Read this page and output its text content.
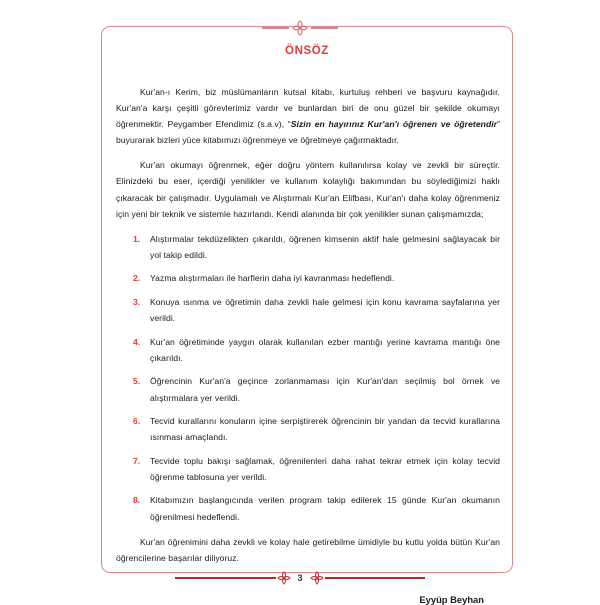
ÖNSÖZ

Kur'an-ı Kerim, biz müslümanların kutsal kitabı, kurtuluş rehberi ve başvuru kaynağıdır. Kur'an'a karşı çeşitli görevlerimiz vardır ve bunlardan biri de onu güzel bir şekilde okumayı öğrenmektir. Peygamber Efendimiz (s.a.v), “Sizin en hayırınız Kur'an'ı öğrenen ve öğretendir” buyurarak bizleri yüce kitabımızı öğrenmeye ve öğretmeye çağırmaktadır.

Kur'an okumayı öğrenmek, eğer doğru yöntem kullanılırsa kolay ve zevkli bir süreçtir. Elinizdeki bu eser, içerdiği yenilikler ve kullanım kolaylığı bakımından bu söylediğimizi haklı çıkaracak bir çalışmadır. Uygulamalı ve Alıştırmalı Kur'an Elifbası, Kur'an'ı daha kolay öğrenmeniz için yeni bir teknik ve sistemle hazırlandı. Kendi alanında bir çok yenilikler sunan çalışmamızda;

1.	Alıştırmalar tekdüzelikten çıkarıldı, öğrenen kimsenin aktif hale gelmesini sağlayacak bir yol takip edildi.
2.	Yazma alıştırmaları ile harflerin daha iyi kavranması hedeflendi.
3.	Konuya ısınma ve öğretimin daha zevkli hale gelmesi için konu kavrama sayfalarına yer verildi.
4.	Kur'an öğretiminde yaygın olarak kullanılan ezber mantığı yerine kavrama mantığı öne çıkarıldı.
5.	Öğrencinin Kur'an'a geçince zorlanmaması için Kur'an'dan seçilmiş bol örnek ve alıştırmalara yer verildi.
6.	Tecvid kurallarını konuların içine serpiştirerek öğrencinin bir yandan da tecvid kurallarına ısınması amaçlandı.
7.	Tecvide toplu bakışı sağlamak, öğrenilenleri daha rahat tekrar etmek için kolay tecvid öğrenme tablosuna yer verildi.
8.	Kitabımızın başlangıcında verilen program takip edilerek 15 günde Kur'an okumanın öğrenilmesi hedeflendi.

Kur'an öğrenimini daha zevkli ve kolay hale getirebilme ümidiyle bu kutlu yolda bütün Kur'an öğrencilerine başarılar diliyoruz.

Eyyüp Beyhan
3
